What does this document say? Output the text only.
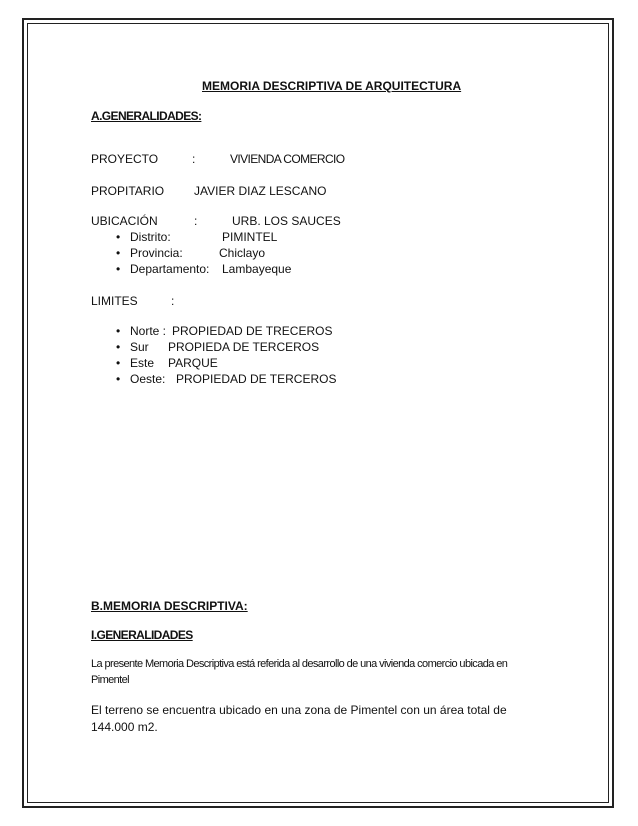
MEMORIA DESCRIPTIVA DE ARQUITECTURA
A.GENERALIDADES:
PROYECTO	:	VIVIENDA COMERCIO
PROPITARIO JAVIER DIAZ LESCANO
UBICACIÓN	:	URB. LOS SAUCES
• Distrito:	PIMINTEL
• Provincia:	Chiclayo
• Departamento: Lambayeque
LIMITES	:
• Norte : PROPIEDAD DE TRECEROS
• Sur PROPIEDA DE TERCEROS
• Este PARQUE
• Oeste: PROPIEDAD DE TERCEROS
B.MEMORIA DESCRIPTIVA:
I.GENERALIDADES
La presente Memoria Descriptiva está referida al desarrollo de una vivienda comercio ubicada en Pimentel
El terreno se encuentra ubicado en una zona de Pimentel con un área total de 144.000 m2.
